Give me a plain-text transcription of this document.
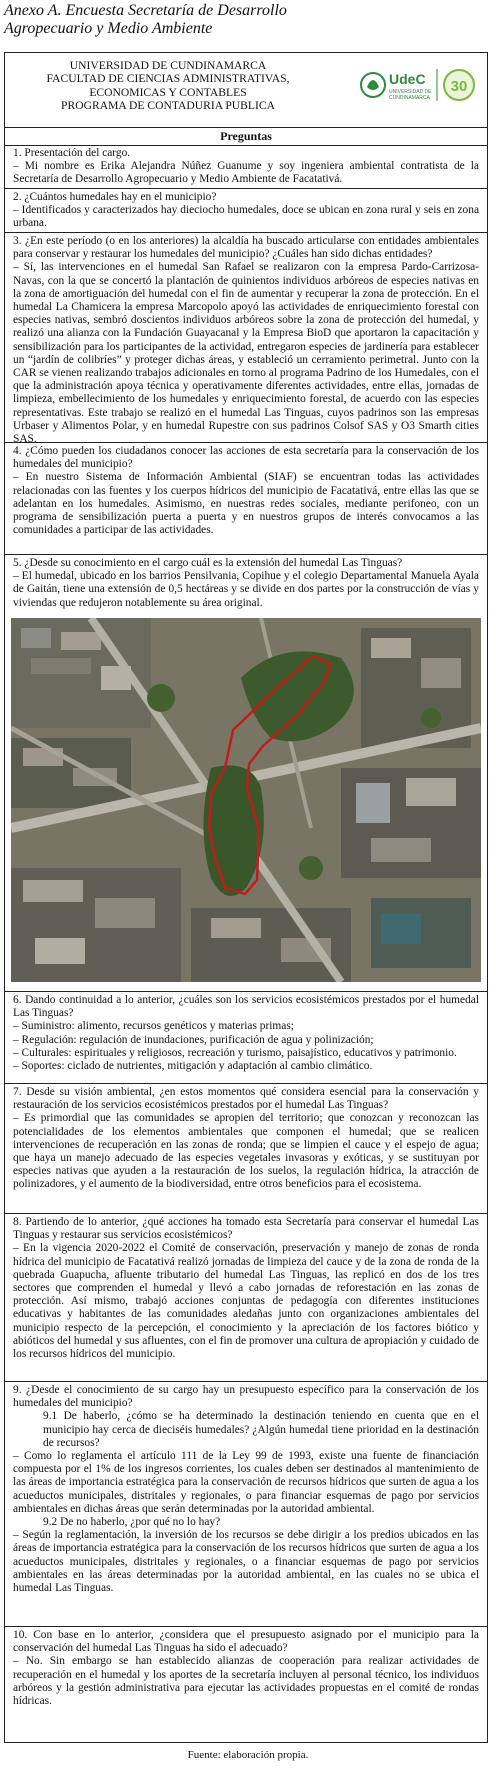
Anexo A. Encuesta Secretaría de Desarrollo
Agropecuario y Medio Ambiente
UNIVERSIDAD DE CUNDINAMARCA
FACULTAD DE CIENCIAS ADMINISTRATIVAS,
ECONOMICAS Y CONTABLES
PROGRAMA DE CONTADURIA PUBLICA
UdeC
UNIVERSIDAD DE
CUNDINAMARCA
30
Preguntas
1. Presentación del cargo.
– Mi nombre es Erika Alejandra Núñez Guanume y soy ingeniera ambiental contratista de la Secretaría de Desarrollo Agropecuario y Medio Ambiente de Facatativá.
2. ¿Cuántos humedales hay en el municipio?
– Identificados y caracterizados hay dieciocho humedales, doce se ubican en zona rural y seis en zona urbana.
3. ¿En este período (o en los anteriores) la alcaldía ha buscado articularse con entidades ambientales para conservar y restaurar los humedales del municipio? ¿Cuáles han sido dichas entidades?
– Sí, las intervenciones en el humedal San Rafael se realizaron con la empresa Pardo-Carrizosa-Navas, con la que se concertó la plantación de quinientos individuos arbóreos de especies nativas en la zona de amortiguación del humedal con el fin de aumentar y recuperar la zona de protección. En el humedal La Chamicera la empresa Marcopolo apoyó las actividades de enriquecimiento forestal con especies nativas, sembró doscientos individuos arbóreos sobre la zona de protección del humedal, y realizó una alianza con la Fundación Guayacanal y la Empresa BioD que aportaron la capacitación y sensibilización para los participantes de la actividad, entregaron especies de jardinería para establecer un “jardín de colibríes” y proteger dichas áreas, y estableció un cerramiento perimetral. Junto con la CAR se vienen realizando trabajos adicionales en torno al programa Padrino de los Humedales, con el que la administración apoya técnica y operativamente diferentes actividades, entre ellas, jornadas de limpieza, embellecimiento de los humedales y enriquecimiento forestal, de acuerdo con las especies representativas. Este trabajo se realizó en el humedal Las Tinguas, cuyos padrinos son las empresas Urbaser y Alimentos Polar, y en humedal Rupestre con sus padrinos Colsof SAS y O3 Smarth cities SAS.
4. ¿Cómo pueden los ciudadanos conocer las acciones de esta secretaría para la conservación de los humedales del municipio?
– En nuestro Sistema de Información Ambiental (SIAF) se encuentran todas las actividades relacionadas con las fuentes y los cuerpos hídricos del municipio de Facatativá, entre ellas las que se adelantan en los humedales. Asimismo, en nuestras redes sociales, mediante perifoneo, con un programa de sensibilización puerta a puerta y en nuestros grupos de interés convocamos a las comunidades a participar de las actividades.
5. ¿Desde su conocimiento en el cargo cuál es la extensión del humedal Las Tinguas?
– El humedal, ubicado en los barrios Pensilvania, Copihue y el colegio Departamental Manuela Ayala de Gaitán, tiene una extensión de 0,5 hectáreas y se divide en dos partes por la construcción de vías y viviendas que redujeron notablemente su área original.
6. Dando continuidad a lo anterior, ¿cuáles son los servicios ecosistémicos prestados por el humedal Las Tinguas?
– Suministro: alimento, recursos genéticos y materias primas;
– Regulación: regulación de inundaciones, purificación de agua y polinización;
– Culturales: espirituales y religiosos, recreación y turismo, paisajístico, educativos y patrimonio.
– Soportes: ciclado de nutrientes, mitigación y adaptación al cambio climático.
7. Desde su visión ambiental, ¿en estos momentos qué considera esencial para la conservación y restauración de los servicios ecosistémicos prestados por el humedal Las Tinguas?
– Es primordial que las comunidades se apropien del territorio; que conozcan y reconozcan las potencialidades de los elementos ambientales que componen el humedal; que se realicen intervenciones de recuperación en las zonas de ronda; que se limpien el cauce y el espejo de agua; que haya un manejo adecuado de las especies vegetales invasoras y exóticas, y se sustituyan por especies nativas que ayuden a la restauración de los suelos, la regulación hídrica, la atracción de polinizadores, y el aumento de la biodiversidad, entre otros beneficios para el ecosistema.
8. Partiendo de lo anterior, ¿qué acciones ha tomado esta Secretaría para conservar el humedal Las Tinguas y restaurar sus servicios ecosistémicos?
– En la vigencia 2020-2022 el Comité de conservación, preservación y manejo de zonas de ronda hídrica del municipio de Facatativá realizó jornadas de limpieza del cauce y de la zona de ronda de la quebrada Guapucha, afluente tributario del humedal Las Tinguas, las replicó en dos de los tres sectores que comprenden el humedal y llevó a cabo jornadas de reforestación en las zonas de protección. Así mismo, trabajó acciones conjuntas de pedagogía con diferentes instituciones educativas y habitantes de las comunidades aledañas junto con organizaciones ambientales del municipio respecto de la percepción, el conocimiento y la apreciación de los factores biótico y abióticos del humedal y sus afluentes, con el fin de promover una cultura de apropiación y cuidado de los recursos hídricos del municipio.
9. ¿Desde el conocimiento de su cargo hay un presupuesto específico para la conservación de los humedales del municipio?
9.1 De haberlo, ¿cómo se ha determinado la destinación teniendo en cuenta que en el municipio hay cerca de dieciséis humedales? ¿Algún humedal tiene prioridad en la destinación de recursos?
– Como lo reglamenta el artículo 111 de la Ley 99 de 1993, existe una fuente de financiación compuesta por el 1% de los ingresos corrientes, los cuales deben ser destinados al mantenimiento de las áreas de importancia estratégica para la conservación de recursos hídricos que surten de agua a los acueductos municipales, distritales y regionales, o para financiar esquemas de pago por servicios ambientales en dichas áreas que serán determinadas por la autoridad ambiental.
9.2 De no haberlo, ¿por qué no lo hay?
– Según la reglamentación, la inversión de los recursos se debe dirigir a los predios ubicados en las áreas de importancia estratégica para la conservación de los recursos hídricos que surten de agua a los acueductos municipales, distritales y regionales, o a financiar esquemas de pago por servicios ambientales en las áreas determinadas por la autoridad ambiental, en las cuales no se ubica el humedal Las Tinguas.
10. Con base en lo anterior, ¿considera que el presupuesto asignado por el municipio para la conservación del humedal Las Tinguas ha sido el adecuado?
– No. Sin embargo se han establecido alianzas de cooperación para realizar actividades de recuperación en el humedal y los aportes de la secretaría incluyen al personal técnico, los individuos arbóreos y la gestión administrativa para ejecutar las actividades propuestas en el comité de rondas hídricas.
Fuente: elaboración propia.
